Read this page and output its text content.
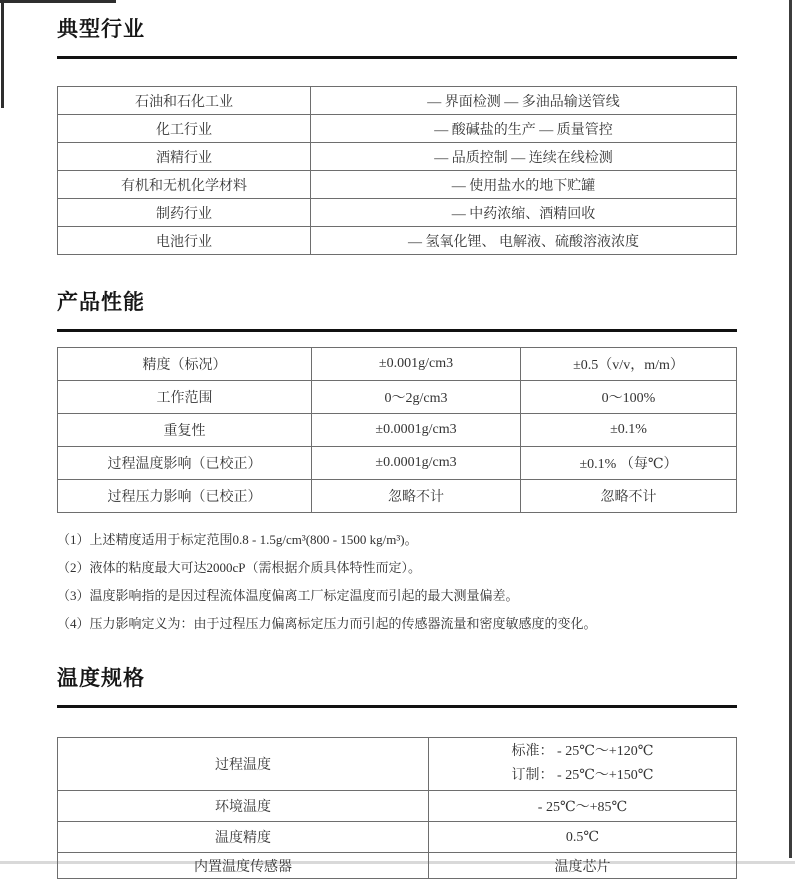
典型行业
石油和石化工业	— 界面检测 — 多油品输送管线
化工行业	— 酸碱盐的生产 — 质量管控
酒精行业	— 品质控制 — 连续在线检测
有机和无机化学材料	— 使用盐水的地下贮罐
制药行业	— 中药浓缩、酒精回收
电池行业	— 氢氧化锂、 电解液、硫酸溶液浓度
产品性能
精度（标况）	±0.001g/cm3	±0.5（v/v，m/m）
工作范围	0～2g/cm3	0～100%
重复性	±0.0001g/cm3	±0.1%
过程温度影响（已校正）	±0.0001g/cm3	±0.1% （每℃）
过程压力影响（已校正）	忽略不计	忽略不计
（1）上述精度适用于标定范围0.8 - 1.5g/cm³(800 - 1500 kg/m³)。
（2）液体的粘度最大可达2000cP（需根据介质具体特性而定）。
（3）温度影响指的是因过程流体温度偏离工厂标定温度而引起的最大测量偏差。
（4）压力影响定义为：由于过程压力偏离标定压力而引起的传感器流量和密度敏感度的变化。
温度规格
过程温度	标准： - 25℃～+120℃
订制： - 25℃～+150℃

环境温度	- 25℃～+85℃
温度精度	0.5℃
内置温度传感器	温度芯片
